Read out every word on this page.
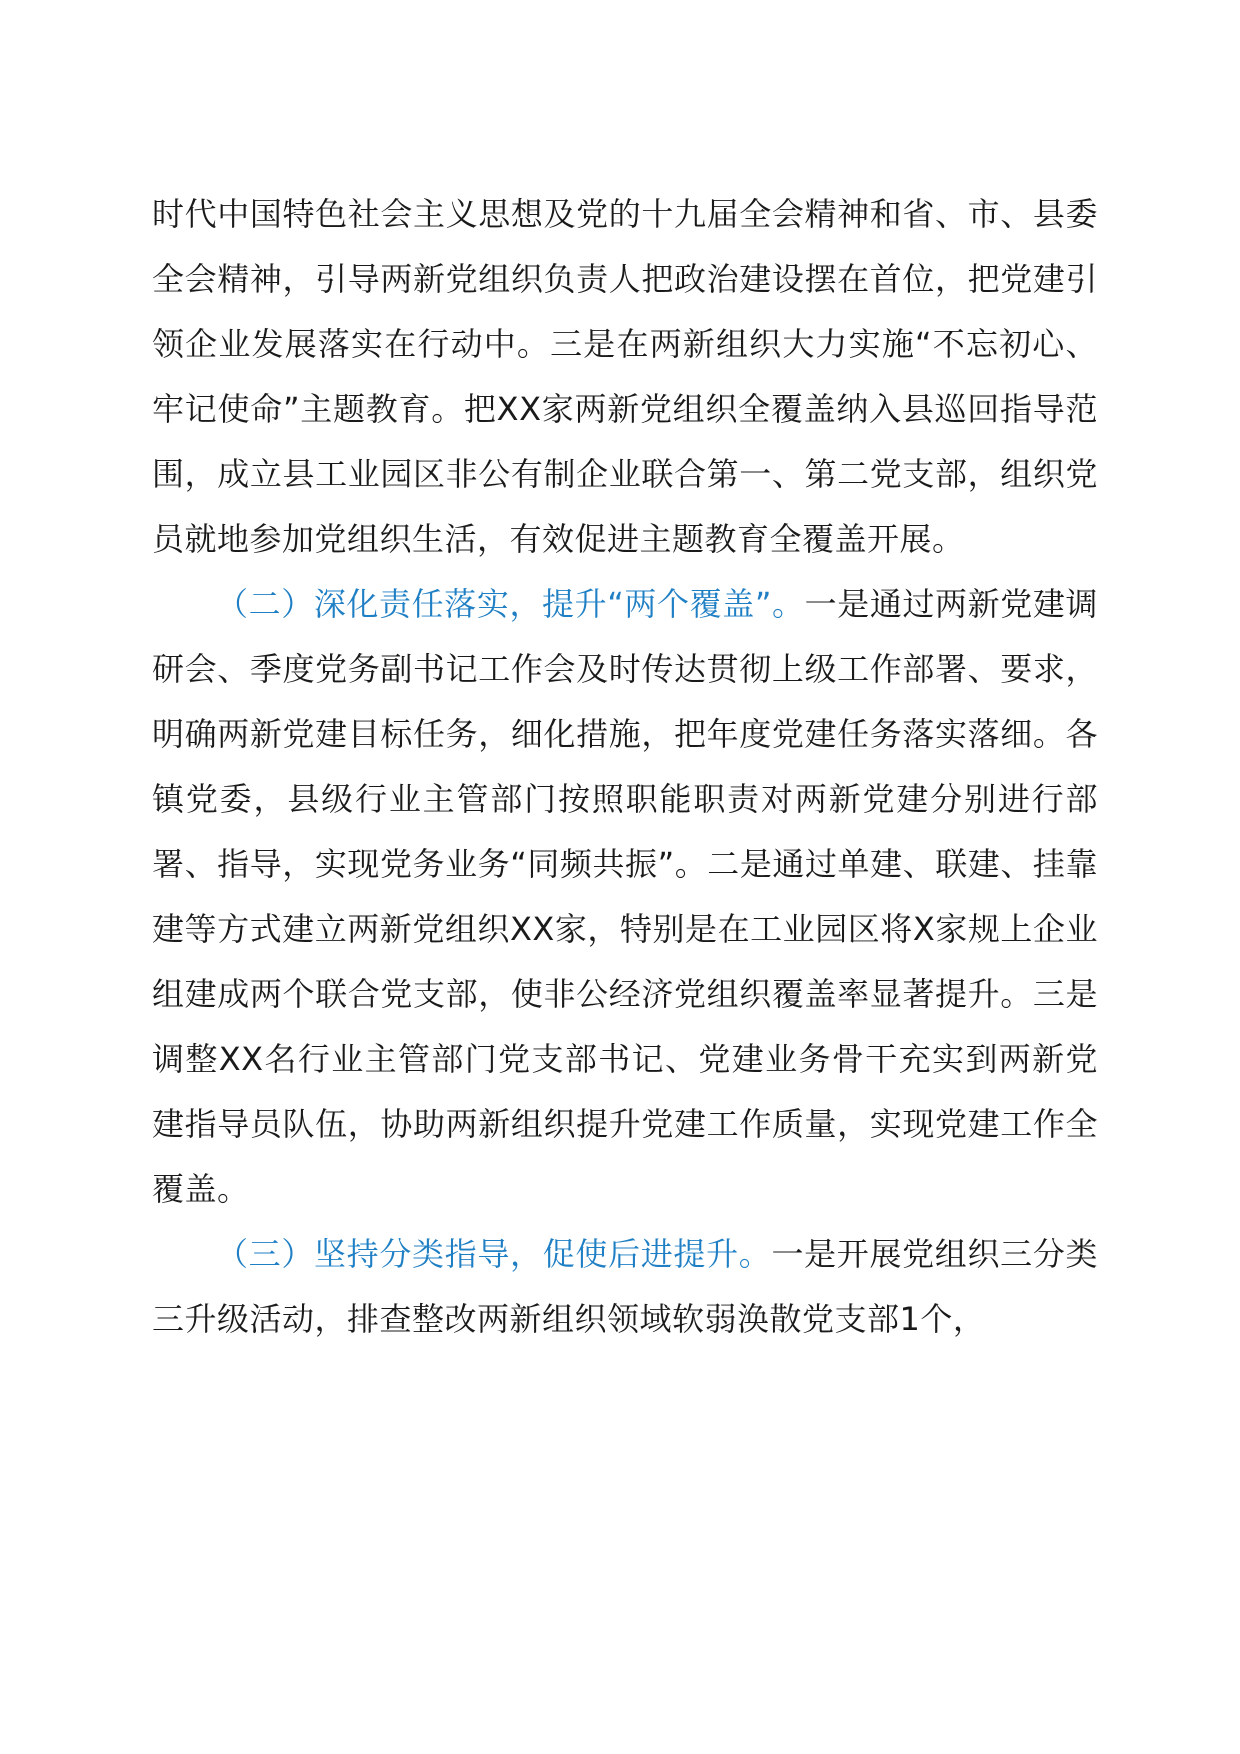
时代中国特色社会主义思想及党的十九届全会精神和省、市、县委全会精神，引导两新党组织负责人把政治建设摆在首位，把党建引领企业发展落实在行动中。三是在两新组织大力实施“不忘初心、牢记使命”主题教育。把XX家两新党组织全覆盖纳入县巡回指导范围，成立县工业园区非公有制企业联合第一、第二党支部，组织党员就地参加党组织生活，有效促进主题教育全覆盖开展。

（二）深化责任落实，提升“两个覆盖”。一是通过两新党建调研会、季度党务副书记工作会及时传达贯彻上级工作部署、要求，明确两新党建目标任务，细化措施，把年度党建任务落实落细。各镇党委，县级行业主管部门按照职能职责对两新党建分别进行部署、指导，实现党务业务“同频共振”。二是通过单建、联建、挂靠建等方式建立两新党组织XX家，特别是在工业园区将X家规上企业组建成两个联合党支部，使非公经济党组织覆盖率显著提升。三是调整XX名行业主管部门党支部书记、党建业务骨干充实到两新党建指导员队伍，协助两新组织提升党建工作质量，实现党建工作全覆盖。

（三）坚持分类指导，促使后进提升。一是开展党组织三分类三升级活动，排查整改两新组织领域软弱涣散党支部1个，
